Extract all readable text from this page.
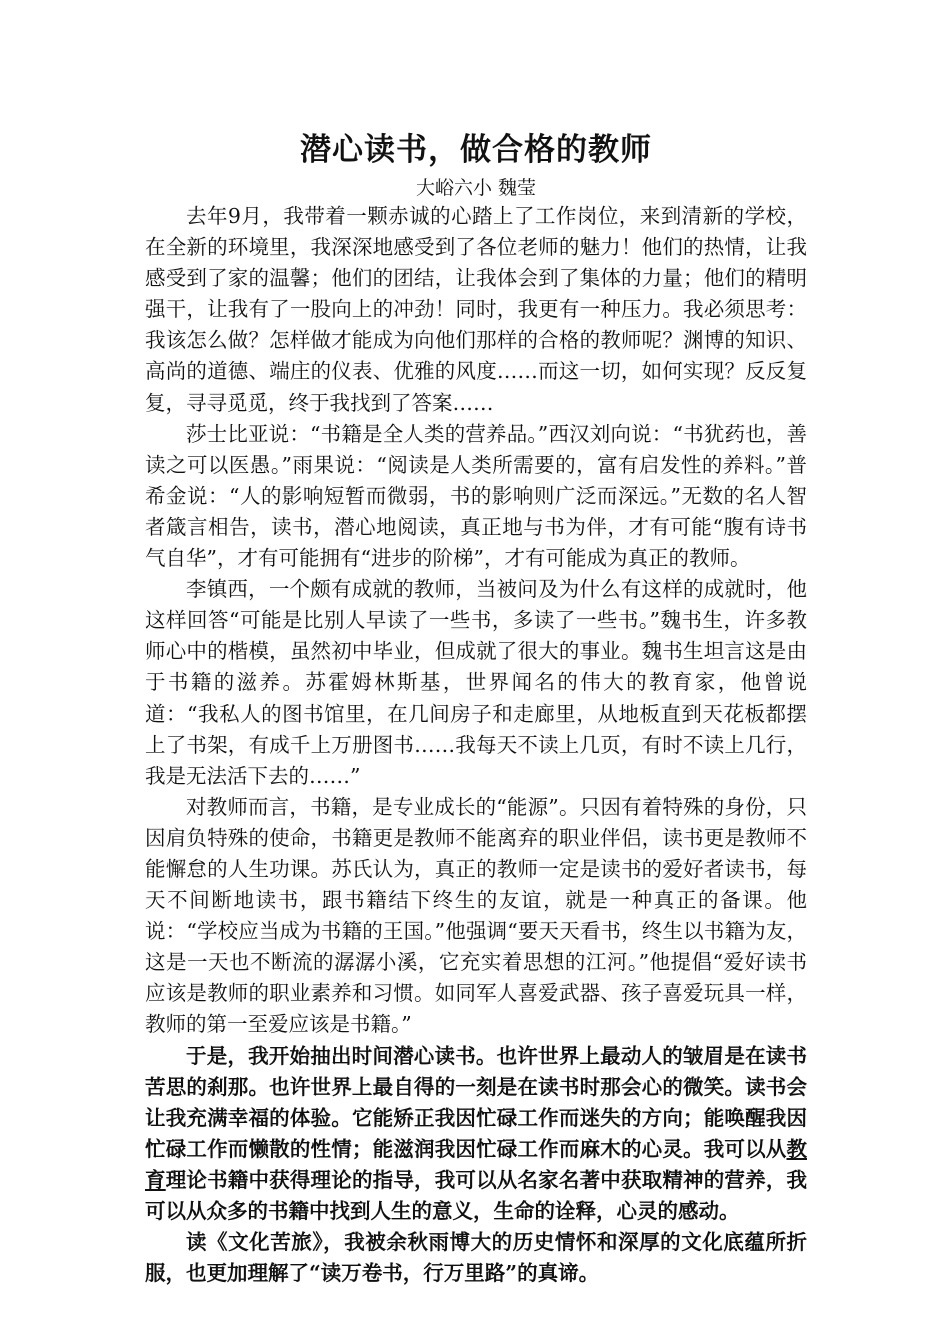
潜心读书，做合格的教师

大峪六小 魏莹

去年9月，我带着一颗赤诚的心踏上了工作岗位，来到清新的学校，在全新的环境里，我深深地感受到了各位老师的魅力！他们的热情，让我感受到了家的温馨；他们的团结，让我体会到了集体的力量；他们的精明强干，让我有了一股向上的冲劲！同时，我更有一种压力。我必须思考：我该怎么做？怎样做才能成为向他们那样的合格的教师呢？渊博的知识、高尚的道德、端庄的仪表、优雅的风度……而这一切，如何实现？反反复复，寻寻觅觅，终于我找到了答案……

莎士比亚说：“书籍是全人类的营养品。”西汉刘向说：“书犹药也，善读之可以医愚。”雨果说：“阅读是人类所需要的，富有启发性的养料。”普希金说：“人的影响短暂而微弱，书的影响则广泛而深远。”无数的名人智者箴言相告，读书，潜心地阅读，真正地与书为伴，才有可能“腹有诗书气自华”，才有可能拥有“进步的阶梯”，才有可能成为真正的教师。

李镇西，一个颇有成就的教师，当被问及为什么有这样的成就时，他这样回答“可能是比别人早读了一些书，多读了一些书。”魏书生，许多教师心中的楷模，虽然初中毕业，但成就了很大的事业。魏书生坦言这是由于书籍的滋养。苏霍姆林斯基，世界闻名的伟大的教育家，他曾说道：“我私人的图书馆里，在几间房子和走廊里，从地板直到天花板都摆上了书架，有成千上万册图书……我每天不读上几页，有时不读上几行，我是无法活下去的……”

对教师而言，书籍，是专业成长的“能源”。只因有着特殊的身份，只因肩负特殊的使命，书籍更是教师不能离弃的职业伴侣，读书更是教师不能懈怠的人生功课。苏氏认为，真正的教师一定是读书的爱好者读书，每天不间断地读书，跟书籍结下终生的友谊，就是一种真正的备课。他说：“学校应当成为书籍的王国。”他强调“要天天看书，终生以书籍为友，这是一天也不断流的潺潺小溪，它充实着思想的江河。”他提倡“爱好读书应该是教师的职业素养和习惯。如同军人喜爱武器、孩子喜爱玩具一样，教师的第一至爱应该是书籍。”

于是，我开始抽出时间潜心读书。也许世界上最动人的皱眉是在读书苦思的刹那。也许世界上最自得的一刻是在读书时那会心的微笑。读书会让我充满幸福的体验。它能矫正我因忙碌工作而迷失的方向；能唤醒我因忙碌工作而懒散的性情；能滋润我因忙碌工作而麻木的心灵。我可以从教育理论书籍中获得理论的指导，我可以从名家名著中获取精神的营养，我可以从众多的书籍中找到人生的意义，生命的诠释，心灵的感动。

读《文化苦旅》，我被余秋雨博大的历史情怀和深厚的文化底蕴所折服，也更加理解了“读万卷书，行万里路”的真谛。
